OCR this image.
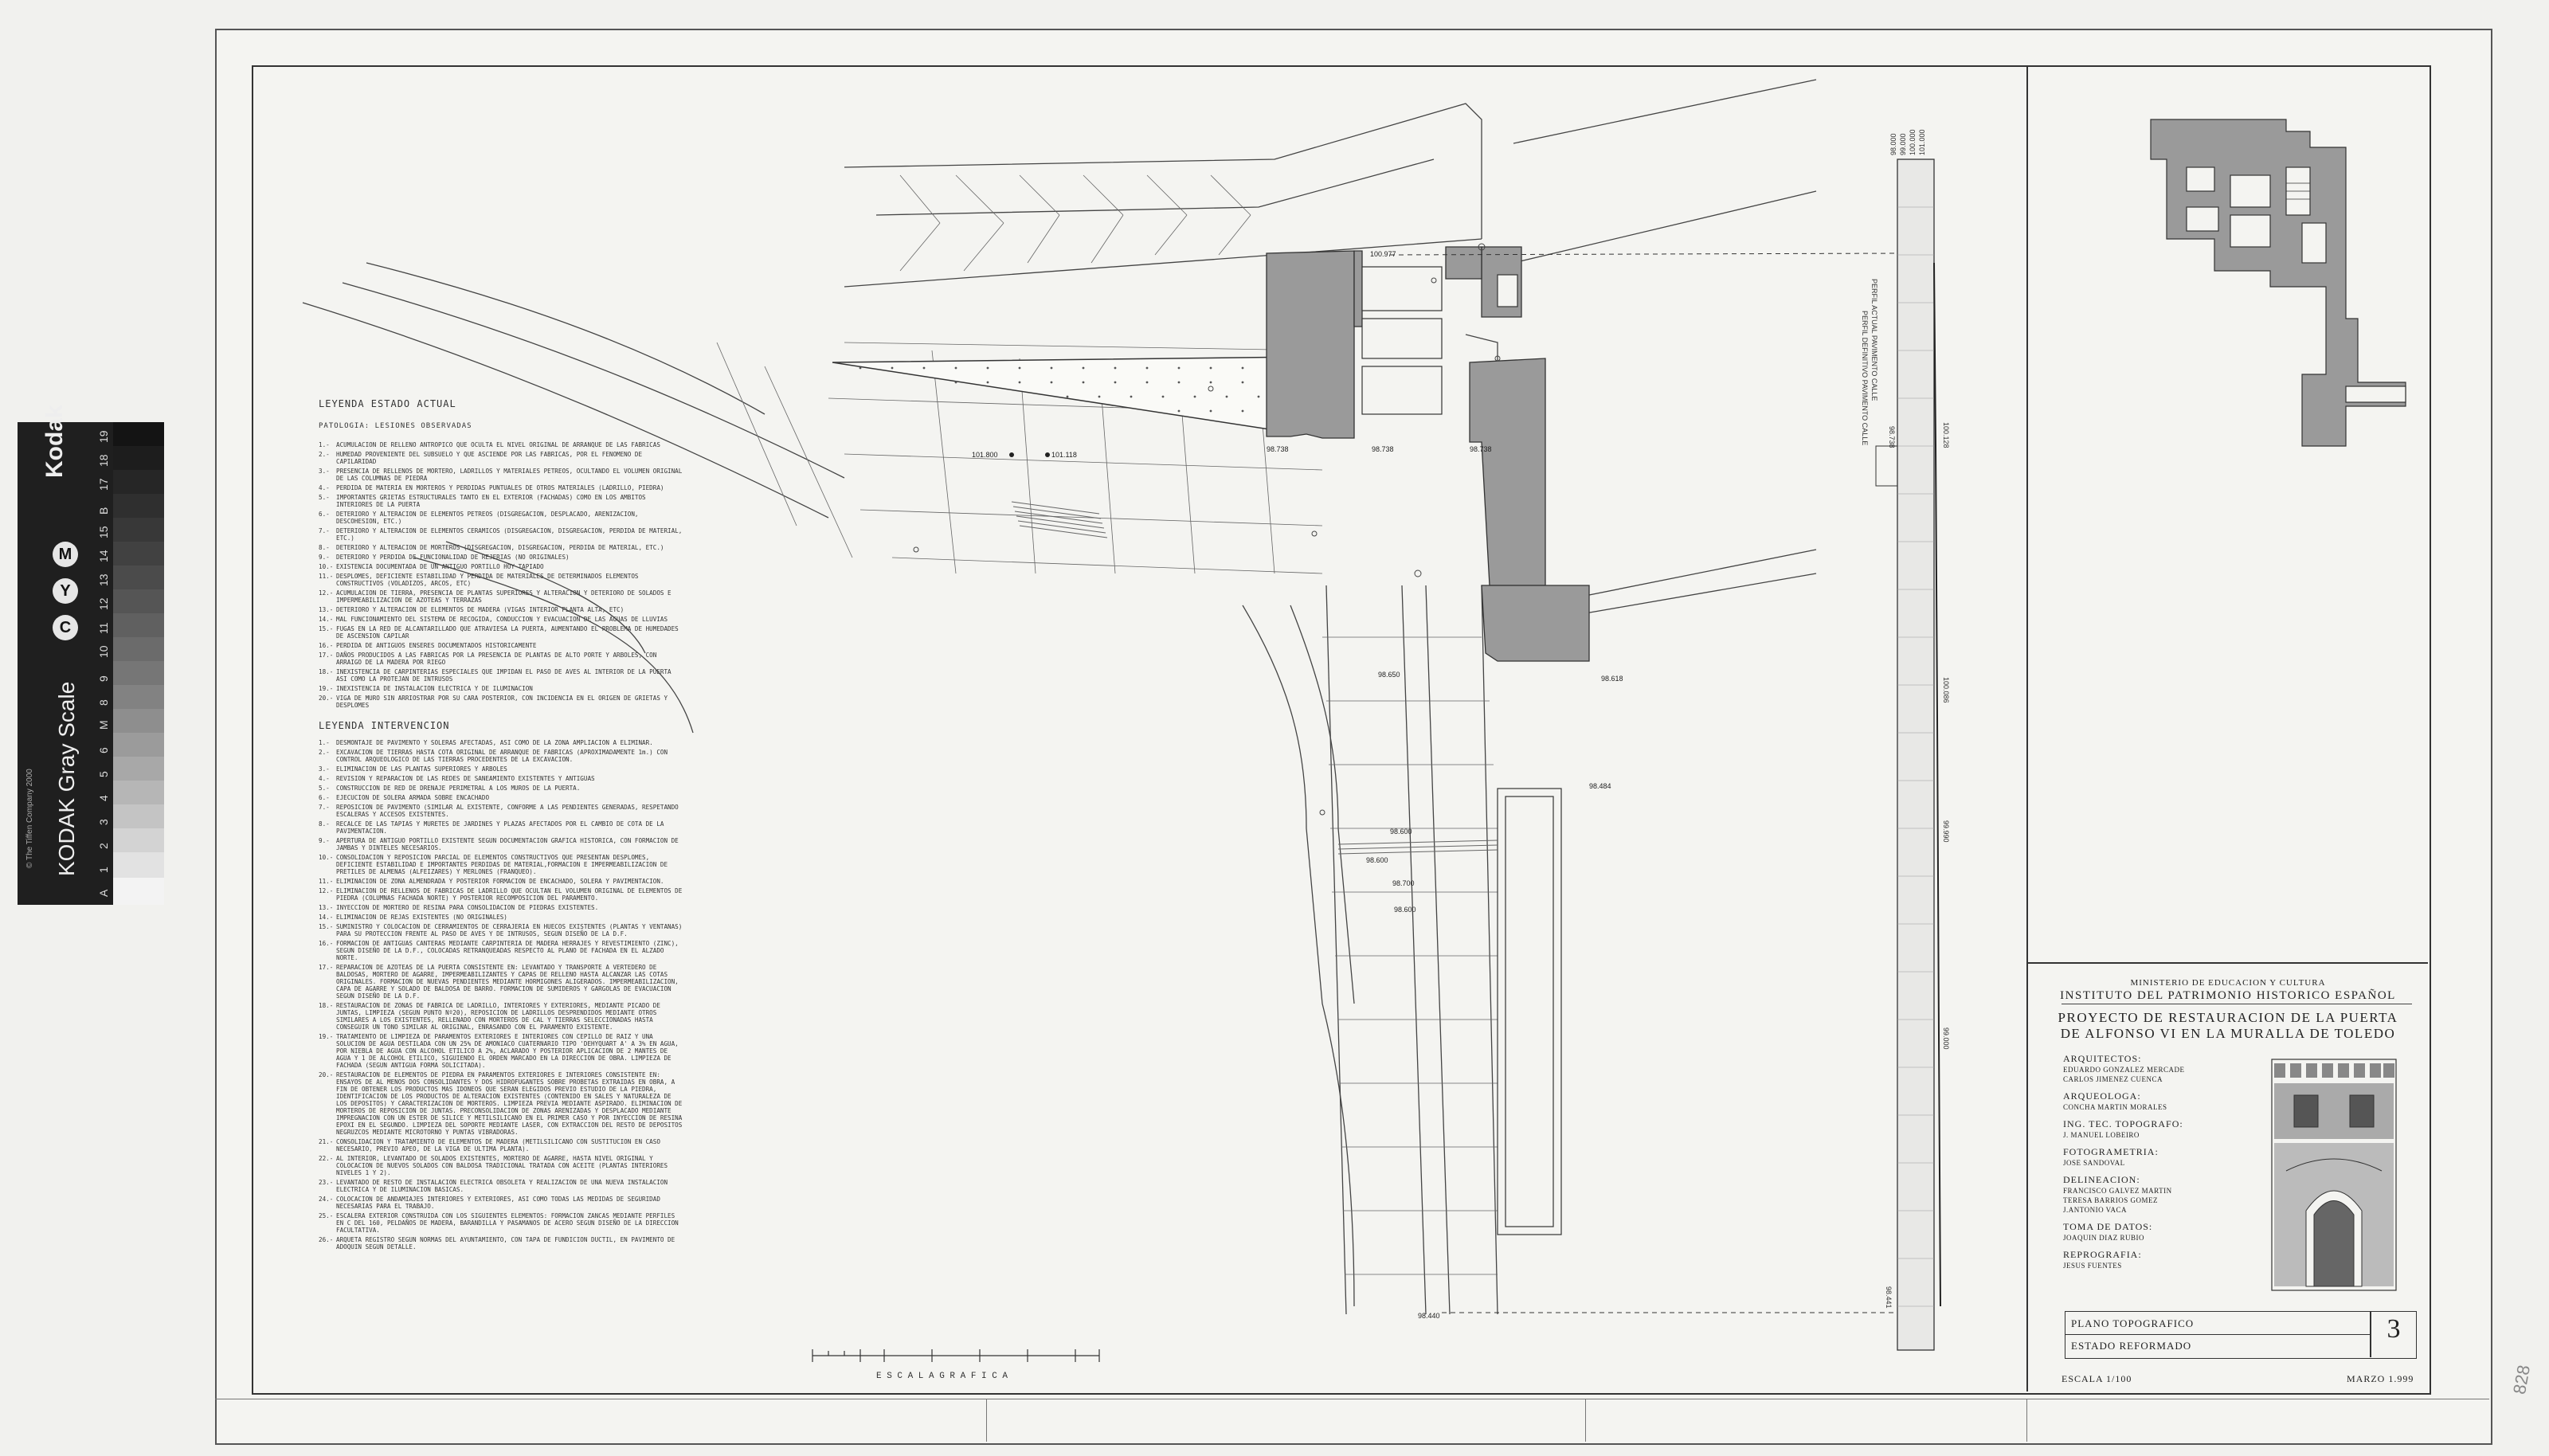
Kodak
KODAK Gray Scale
© The Tiffen Company 2000
M
Y
C
A
1
2
3
4
5
6
M
8
9
10
11
12
13
14
15
B
17
18
19
LEYENDA ESTADO ACTUAL
PATOLOGIA: LESIONES OBSERVADAS
1.-	ACUMULACION DE RELLENO ANTROPICO QUE OCULTA EL NIVEL ORIGINAL DE ARRANQUE DE LAS FABRICAS
2.-	HUMEDAD PROVENIENTE DEL SUBSUELO Y QUE ASCIENDE POR LAS FABRICAS, POR EL FENOMENO DE CAPILARIDAD
3.-	PRESENCIA DE RELLENOS DE MORTERO, LADRILLOS Y MATERIALES PETREOS, OCULTANDO EL VOLUMEN ORIGINAL DE LAS COLUMNAS DE PIEDRA
4.-	PERDIDA DE MATERIA EN MORTEROS Y PERDIDAS PUNTUALES DE OTROS MATERIALES (LADRILLO, PIEDRA)
5.-	IMPORTANTES GRIETAS ESTRUCTURALES TANTO EN EL EXTERIOR (FACHADAS) COMO EN LOS AMBITOS INTERIORES DE LA PUERTA
6.-	DETERIORO Y ALTERACION DE ELEMENTOS PETREOS (DISGREGACION, DESPLACADO, ARENIZACION, DESCOHESION, ETC.)
7.-	DETERIORO Y ALTERACION DE ELEMENTOS CERAMICOS (DISGREGACION, DISGREGACION, PERDIDA DE MATERIAL, ETC.)
8.-	DETERIORO Y ALTERACION DE MORTEROS (DISGREGACION, DISGREGACION, PERDIDA DE MATERIAL, ETC.)
9.-	DETERIORO Y PERDIDA DE FUNCIONALIDAD DE REJERIAS (NO ORIGINALES)
10.- EXISTENCIA DOCUMENTADA DE UN ANTIGUO PORTILLO HOY TAPIADO
11.- DESPLOMES, DEFICIENTE ESTABILIDAD Y PERDIDA DE MATERIALES DE DETERMINADOS ELEMENTOS CONSTRUCTIVOS (VOLADIZOS, ARCOS, ETC)
12.- ACUMULACION DE TIERRA, PRESENCIA DE PLANTAS SUPERIORES Y ALTERACION Y DETERIORO DE SOLADOS E IMPERMEABILIZACION DE AZOTEAS Y TERRAZAS
13.- DETERIORO Y ALTERACION DE ELEMENTOS DE MADERA (VIGAS INTERIOR PLANTA ALTA, ETC)
14.- MAL FUNCIONAMIENTO DEL SISTEMA DE RECOGIDA, CONDUCCION Y EVACUACION DE LAS AGUAS DE LLUVIAS
15.- FUGAS EN LA RED DE ALCANTARILLADO QUE ATRAVIESA LA PUERTA, AUMENTANDO EL PROBLEMA DE HUMEDADES DE ASCENSION CAPILAR
16.- PERDIDA DE ANTIGUOS ENSERES DOCUMENTADOS HISTORICAMENTE
17.- DAÑOS PRODUCIDOS A LAS FABRICAS POR LA PRESENCIA DE PLANTAS DE ALTO PORTE Y ARBOLES, CON ARRAIGO DE LA MADERA POR RIEGO
18.- INEXISTENCIA DE CARPINTERIAS ESPECIALES QUE IMPIDAN EL PASO DE AVES AL INTERIOR DE LA PUERTA ASI COMO LA PROTEJAN DE INTRUSOS
19.- INEXISTENCIA DE INSTALACION ELECTRICA Y DE ILUMINACION
20.- VIGA DE MURO SIN ARRIOSTRAR POR SU CARA POSTERIOR, CON INCIDENCIA EN EL ORIGEN DE GRIETAS Y DESPLOMES
LEYENDA INTERVENCION
1.-	DESMONTAJE DE PAVIMENTO Y SOLERAS AFECTADAS, ASI COMO DE LA ZONA AMPLIACION A ELIMINAR.
2.-	EXCAVACION DE TIERRAS HASTA COTA ORIGINAL DE ARRANQUE DE FABRICAS (APROXIMADAMENTE 1m.) CON CONTROL ARQUEOLOGICO DE LAS TIERRAS PROCEDENTES DE LA EXCAVACION.
3.-	ELIMINACION DE LAS PLANTAS SUPERIORES Y ARBOLES
4.-	REVISION Y REPARACION DE LAS REDES DE SANEAMIENTO EXISTENTES Y ANTIGUAS
5.-	CONSTRUCCION DE RED DE DRENAJE PERIMETRAL A LOS MUROS DE LA PUERTA.
6.-	EJECUCION DE SOLERA ARMADA SOBRE ENCACHADO
7.-	REPOSICION DE PAVIMENTO (SIMILAR AL EXISTENTE, CONFORME A LAS PENDIENTES GENERADAS, RESPETANDO ESCALERAS Y ACCESOS EXISTENTES.
8.-	RECALCE DE LAS TAPIAS Y MURETES DE JARDINES Y PLAZAS AFECTADOS POR EL CAMBIO DE COTA DE LA PAVIMENTACION.
9.-	APERTURA DE ANTIGUO PORTILLO EXISTENTE SEGUN DOCUMENTACION GRAFICA HISTORICA, CON FORMACION DE JAMBAS Y DINTELES NECESARIOS.
10.- CONSOLIDACION Y REPOSICION PARCIAL DE ELEMENTOS CONSTRUCTIVOS QUE PRESENTAN DESPLOMES, DEFICIENTE ESTABILIDAD E IMPORTANTES PERDIDAS DE MATERIAL,FORMACION E IMPERMEABILIZACION DE PRETILES DE ALMENAS (ALFEIZARES) Y MERLONES (FRANQUEO).
11.- ELIMINACION DE ZONA ALMENDRADA Y POSTERIOR FORMACION DE ENCACHADO, SOLERA Y PAVIMENTACION.
12.- ELIMINACION DE RELLENOS DE FABRICAS DE LADRILLO QUE OCULTAN EL VOLUMEN ORIGINAL DE ELEMENTOS DE PIEDRA (COLUMNAS FACHADA NORTE) Y POSTERIOR RECOMPOSICION DEL PARAMENTO.
13.- INYECCION DE MORTERO DE RESINA PARA CONSOLIDACION DE PIEDRAS EXISTENTES.
14.- ELIMINACION DE REJAS EXISTENTES (NO ORIGINALES)
15.- SUMINISTRO Y COLOCACION DE CERRAMIENTOS DE CERRAJERIA EN HUECOS EXISTENTES (PLANTAS Y VENTANAS) PARA SU PROTECCION FRENTE AL PASO DE AVES Y DE INTRUSOS, SEGUN DISEÑO DE LA D.F.
16.- FORMACION DE ANTIGUAS CANTERAS MEDIANTE CARPINTERIA DE MADERA HERRAJES Y REVESTIMIENTO (ZINC), SEGUN DISEÑO DE LA D.F., COLOCADAS RETRANQUEADAS RESPECTO AL PLANO DE FACHADA EN EL ALZADO NORTE.
17.- REPARACION DE AZOTEAS DE LA PUERTA CONSISTENTE EN: LEVANTADO Y TRANSPORTE A VERTEDERO DE BALDOSAS, MORTERO DE AGARRE, IMPERMEABILIZANTES Y CAPAS DE RELLENO HASTA ALCANZAR LAS COTAS ORIGINALES. FORMACION DE NUEVAS PENDIENTES MEDIANTE HORMIGONES ALIGERADOS. IMPERMEABILIZACION, CAPA DE AGARRE Y SOLADO DE BALDOSA DE BARRO. FORMACION DE SUMIDEROS Y GARGOLAS DE EVACUACION SEGUN DISEÑO DE LA D.F.
18.- RESTAURACION DE ZONAS DE FABRICA DE LADRILLO, INTERIORES Y EXTERIORES, MEDIANTE PICADO DE JUNTAS, LIMPIEZA (SEGUN PUNTO Nº20), REPOSICION DE LADRILLOS DESPRENDIDOS MEDIANTE OTROS SIMILARES A LOS EXISTENTES, RELLENADO CON MORTEROS DE CAL Y TIERRAS SELECCIONADAS HASTA CONSEGUIR UN TONO SIMILAR AL ORIGINAL, ENRASANDO CON EL PARAMENTO EXISTENTE.
19.- TRATAMIENTO DE LIMPIEZA DE PARAMENTOS EXTERIORES E INTERIORES CON CEPILLO DE RAIZ Y UNA SOLUCION DE AGUA DESTILADA CON UN 25% DE AMONIACO CUATERNARIO TIPO 'DEHYQUART A' A 3% EN AGUA, POR NIEBLA DE AGUA CON ALCOHOL ETILICO A 2%, ACLARADO Y POSTERIOR APLICACION DE 2 MANTES DE AGUA Y 1 DE ALCOHOL ETILICO, SIGUIENDO EL ORDEN MARCADO EN LA DIRECCION DE OBRA. LIMPIEZA DE FACHADA (SEGUN ANTIGUA FORMA SOLICITADA).
20.- RESTAURACION DE ELEMENTOS DE PIEDRA EN PARAMENTOS EXTERIORES E INTERIORES CONSISTENTE EN: ENSAYOS DE AL MENOS DOS CONSOLIDANTES Y DOS HIDROFUGANTES SOBRE PROBETAS EXTRAIDAS EN OBRA, A FIN DE OBTENER LOS PRODUCTOS MAS IDONEOS QUE SERAN ELEGIDOS PREVIO ESTUDIO DE LA PIEDRA, IDENTIFICACION DE LOS PRODUCTOS DE ALTERACION EXISTENTES (CONTENIDO EN SALES Y NATURALEZA DE LOS DEPOSITOS) Y CARACTERIZACION DE MORTEROS. LIMPIEZA PREVIA MEDIANTE ASPIRADO. ELIMINACION DE MORTEROS DE REPOSICION DE JUNTAS. PRECONSOLIDACION DE ZONAS ARENIZADAS Y DESPLACADO MEDIANTE IMPREGNACION CON UN ESTER DE SILICE Y METILSILICANO EN EL PRIMER CASO Y POR INYECCION DE RESINA EPOXI EN EL SEGUNDO. LIMPIEZA DEL SOPORTE MEDIANTE LASER, CON EXTRACCION DEL RESTO DE DEPOSITOS NEGRUZCOS MEDIANTE MICROTORNO Y PUNTAS VIBRADORAS.
21.- CONSOLIDACION Y TRATAMIENTO DE ELEMENTOS DE MADERA (METILSILICANO CON SUSTITUCION EN CASO NECESARIO, PREVIO APEO, DE LA VIGA DE ULTIMA PLANTA).
22.- AL INTERIOR, LEVANTADO DE SOLADOS EXISTENTES, MORTERO DE AGARRE, HASTA NIVEL ORIGINAL Y COLOCACION DE NUEVOS SOLADOS CON BALDOSA TRADICIONAL TRATADA CON ACEITE (PLANTAS INTERIORES NIVELES 1 Y 2).
23.- LEVANTADO DE RESTO DE INSTALACION ELECTRICA OBSOLETA Y REALIZACION DE UNA NUEVA INSTALACION ELECTRICA Y DE ILUMINACION BASICAS.
24.- COLOCACION DE ANDAMIAJES INTERIORES Y EXTERIORES, ASI COMO TODAS LAS MEDIDAS DE SEGURIDAD NECESARIAS PARA EL TRABAJO.
25.- ESCALERA EXTERIOR CONSTRUIDA CON LOS SIGUIENTES ELEMENTOS: FORMACION ZANCAS MEDIANTE PERFILES EN C DEL 160, PELDAÑOS DE MADERA, BARANDILLA Y PASAMANOS DE ACERO SEGUN DISEÑO DE LA DIRECCION FACULTATIVA.
26.- ARQUETA REGISTRO SEGUN NORMAS DEL AYUNTAMIENTO, CON TAPA DE FUNDICION DUCTIL, EN PAVIMENTO DE ADOQUIN SEGUN DETALLE.
100.977
101.800	101.118
98.738	98.738	98.738
98.650	98.618
98.484
98.600
98.600
98.700
98.600
98.440
E S C A L A G R A F I C A
98.000 99.000 100.000 101.000
PERFIL ACTUAL PAVIMENTO CALLE
PERFIL DEFINITIVO PAVIMENTO CALLE	100.128
100.086
99.990
99.000
98.441
98.738
MINISTERIO DE EDUCACION Y CULTURA
INSTITUTO DEL PATRIMONIO HISTORICO ESPAÑOL
PROYECTO DE RESTAURACION DE LA PUERTA
DE ALFONSO VI EN LA MURALLA DE TOLEDO
ARQUITECTOS:
EDUARDO GONZALEZ MERCADE
CARLOS JIMENEZ CUENCA
ARQUEOLOGA:
CONCHA MARTIN MORALES
ING. TEC. TOPOGRAFO:
J. MANUEL LOBEIRO
FOTOGRAMETRIA:
JOSE SANDOVAL
DELINEACION:
FRANCISCO GALVEZ MARTIN
TERESA BARRIOS GOMEZ
J.ANTONIO VACA
TOMA DE DATOS:
JOAQUIN DIAZ RUBIO
REPROGRAFIA:
JESUS FUENTES
PLANO TOPOGRAFICO
ESTADO REFORMADO
3
ESCALA 1/100	MARZO 1.999	828
